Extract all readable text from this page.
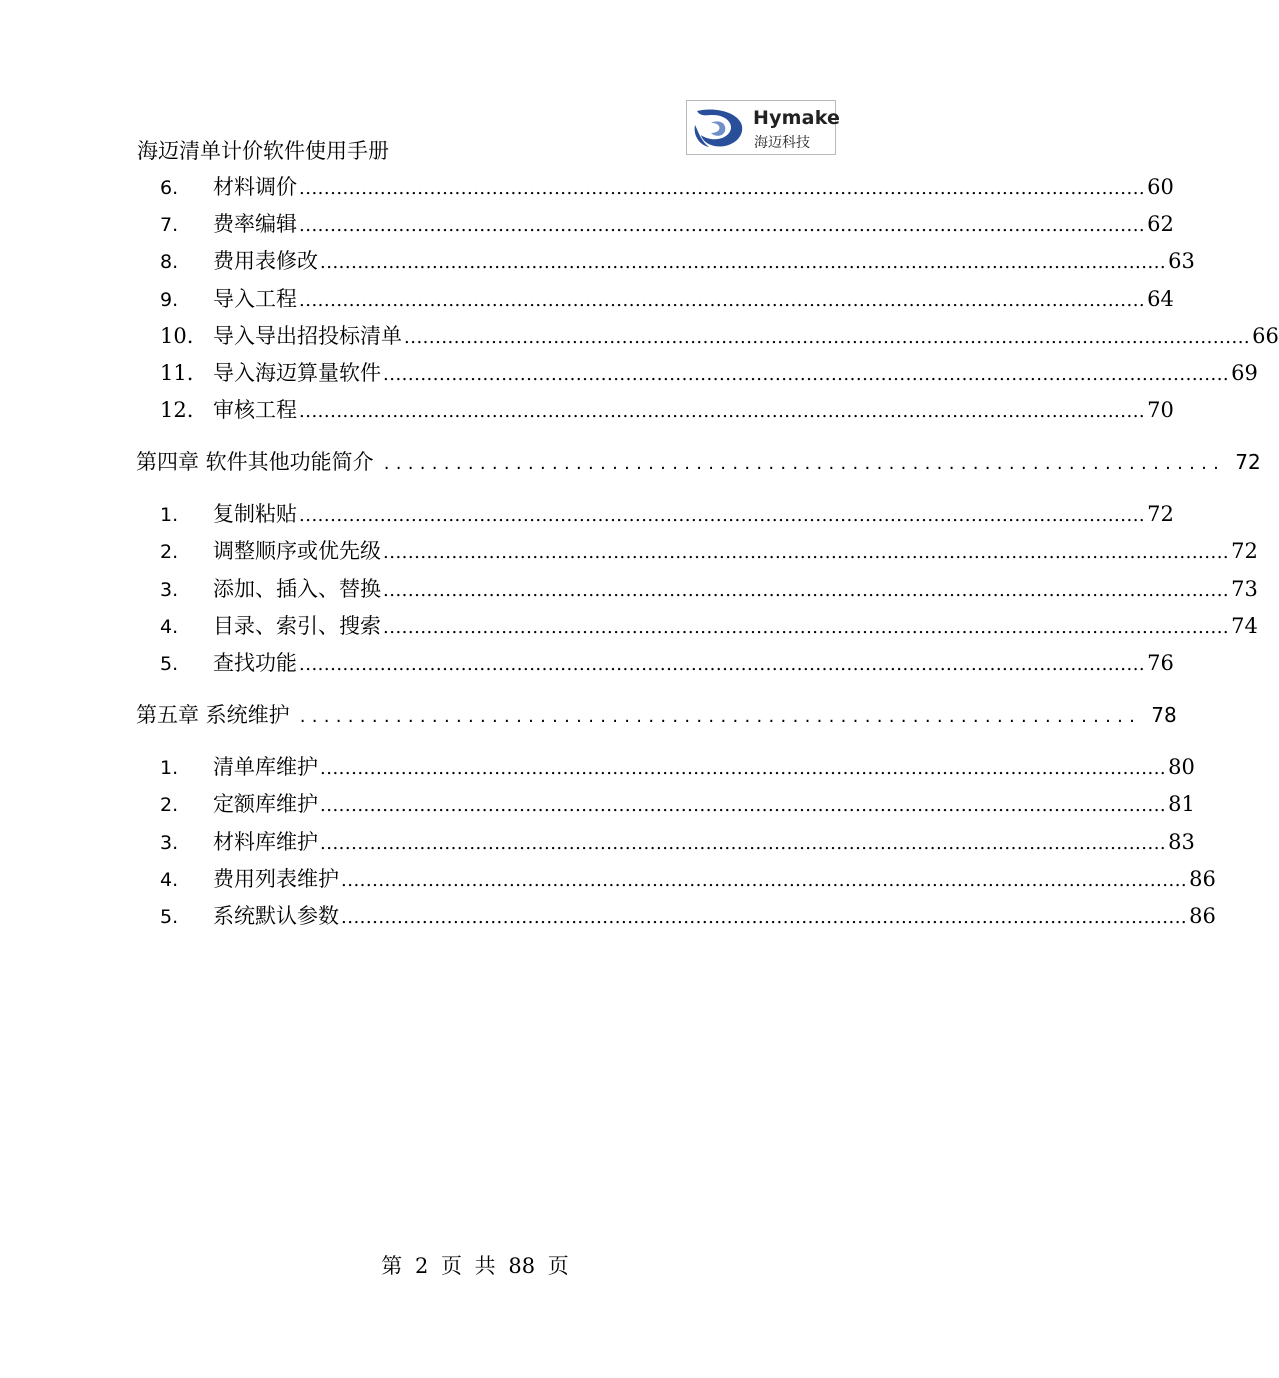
海迈清单计价软件使用手册
Hymake
海迈科技
6.	材料调价 ........................................................................................................................................ 60
7.	费率编辑 ........................................................................................................................................ 62
8.	费用表修改 ........................................................................................................................................ 63
9.	导入工程 ........................................................................................................................................ 64
10. 导入导出招投标清单 ........................................................................................................................................ 66
11. 导入海迈算量软件 ........................................................................................................................................ 69
12. 审核工程 ........................................................................................................................................ 70
第四章 软件其他功能简介 ...................................................................... 72
1.	复制粘贴 ........................................................................................................................................ 72
2.	调整顺序或优先级 ........................................................................................................................................ 72
3.	添加、插入、替换 ........................................................................................................................................ 73
4.	目录、索引、搜索 ........................................................................................................................................ 74
5.	查找功能 ........................................................................................................................................ 76
第五章 系统维护 ...................................................................... 78
1.	清单库维护 ........................................................................................................................................ 80
2.	定额库维护 ........................................................................................................................................ 81
3.	材料库维护 ........................................................................................................................................ 83
4.	费用列表维护 ........................................................................................................................................ 86
5.	系统默认参数 ........................................................................................................................................ 86
第 2 页 共 88 页
